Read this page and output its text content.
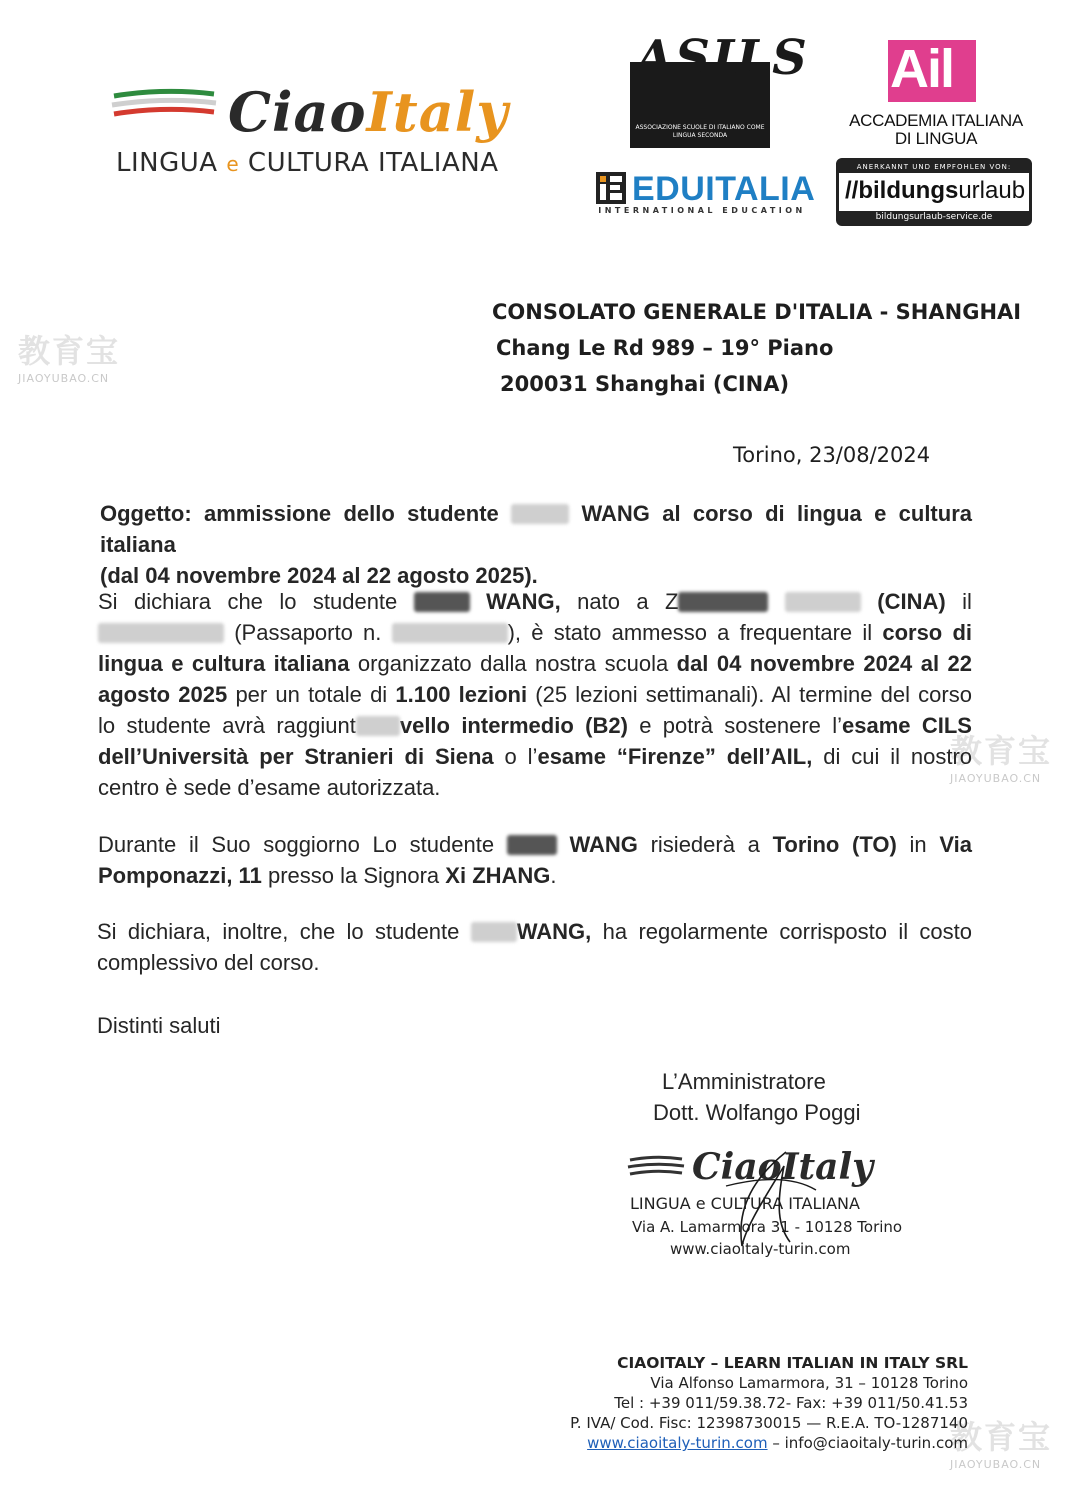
CiaoItaly
LINGUA e CULTURA ITALIANA
ASILS
ASSOCIAZIONE SCUOLE DI ITALIANO COME LINGUA SECONDA
EDUITALIA
INTERNATIONAL EDUCATION
Ail
ACCADEMIA ITALIANA
DI LINGUA
ANERKANNT UND EMPFOHLEN VON:
//bildungsurlaub
bildungsurlaub-service.de
教育宝
JIAOYUBAO.CN
教育宝
JIAOYUBAO.CN
教育宝
JIAOYUBAO.CN
CONSOLATO GENERALE D'ITALIA - SHANGHAI
Chang Le Rd 989 – 19° Piano
200031 Shanghai (CINA)
Torino, 23/08/2024
Oggetto: ammissione dello studente	WANG al corso di lingua e cultura italiana
(dal 04 novembre 2024 al 22 agosto 2025).
Si dichiara che lo studente	WANG, nato a Z	(CINA) il
(Passaporto n.	), è stato ammesso a frequentare il corso di
lingua e cultura italiana organizzato dalla nostra scuola dal 04 novembre 2024 al 22
agosto 2025 per un totale di 1.100 lezioni (25 lezioni settimanali). Al termine del corso
lo studente avrà raggiunt vello intermedio (B2) e potrà sostenere l’esame CILS
dell’Università per Stranieri di Siena o l’esame “Firenze” dell’AIL, di cui il nostro
centro è sede d’esame autorizzata.
Durante il Suo soggiorno Lo studente	WANG risiederà a Torino (TO) in Via
Pomponazzi, 11 presso la Signora Xi ZHANG.
Si dichiara, inoltre, che lo studente	WANG, ha regolarmente corrisposto il costo
complessivo del corso.
Distinti saluti
L’Amministratore
Dott. Wolfango Poggi
CiaoItaly
LINGUA e CULTURA ITALIANA
Via A. Lamarmora 31 - 10128 Torino
www.ciaoitaly-turin.com
CIAOITALY – LEARN ITALIAN IN ITALY SRL
Via Alfonso Lamarmora, 31 – 10128 Torino
Tel : +39 011/59.38.72- Fax: +39 011/50.41.53
P. IVA/ Cod. Fisc: 12398730015 — R.E.A. TO-1287140
www.ciaoitaly-turin.com – info@ciaoitaly-turin.com
